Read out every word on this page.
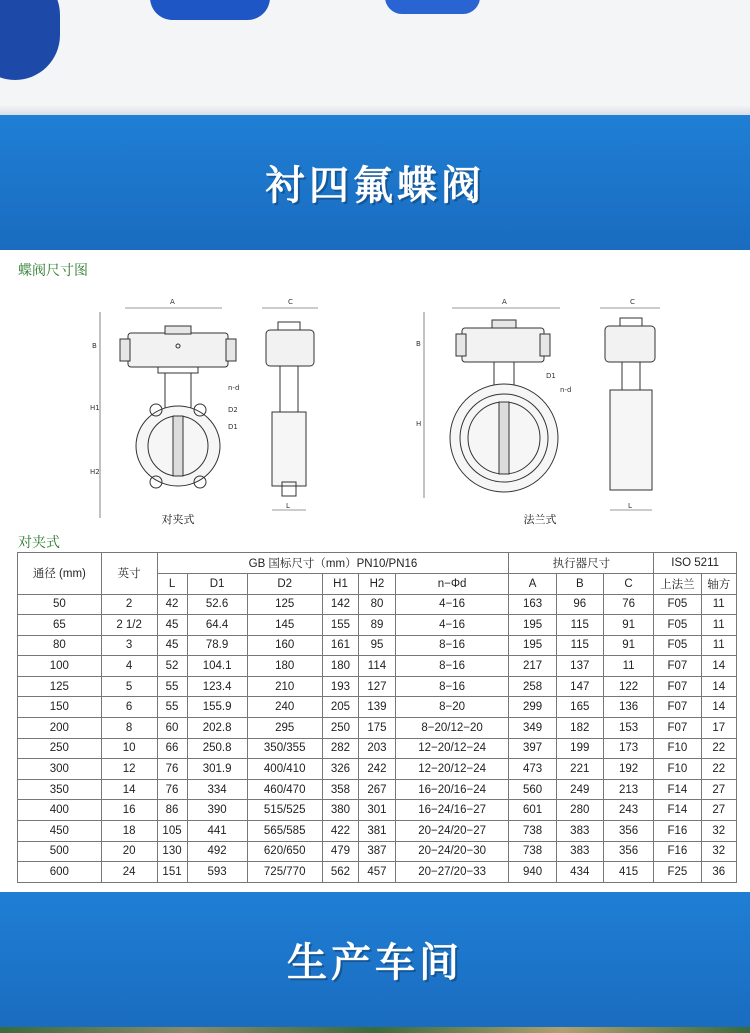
衬四氟蝶阀
蝶阀尺寸图
A
B
H1
H2
n-d
D2
D1
对夹式
C
L
A
B
H
D1
n-d
法兰式
C
L
对夹式
通径 (mm)	英寸	GB 国标尺寸（mm）PN10/PN16						执行器尺寸			ISO 5211	
		L	D1	D2	H1	H2	n−Φd	A	B	C	上法兰	轴方
50	2	42	52.6	125	142	80	4−16	163	96	76	F05	11
65	2 1/2	45	64.4	145	155	89	4−16	195	115	91	F05	11
80	3	45	78.9	160	161	95	8−16	195	115	91	F05	11
100	4	52	104.1	180	180	114	8−16	217	137	11	F07	14
125	5	55	123.4	210	193	127	8−16	258	147	122	F07	14
150	6	55	155.9	240	205	139	8−20	299	165	136	F07	14
200	8	60	202.8	295	250	175	8−20/12−20	349	182	153	F07	17
250	10	66	250.8	350/355	282	203	12−20/12−24	397	199	173	F10	22
300	12	76	301.9	400/410	326	242	12−20/12−24	473	221	192	F10	22
350	14	76	334	460/470	358	267	16−20/16−24	560	249	213	F14	27
400	16	86	390	515/525	380	301	16−24/16−27	601	280	243	F14	27
450	18	105	441	565/585	422	381	20−24/20−27	738	383	356	F16	32
500	20	130	492	620/650	479	387	20−24/20−30	738	383	356	F16	32
600	24	151	593	725/770	562	457	20−27/20−33	940	434	415	F25	36
生产车间
